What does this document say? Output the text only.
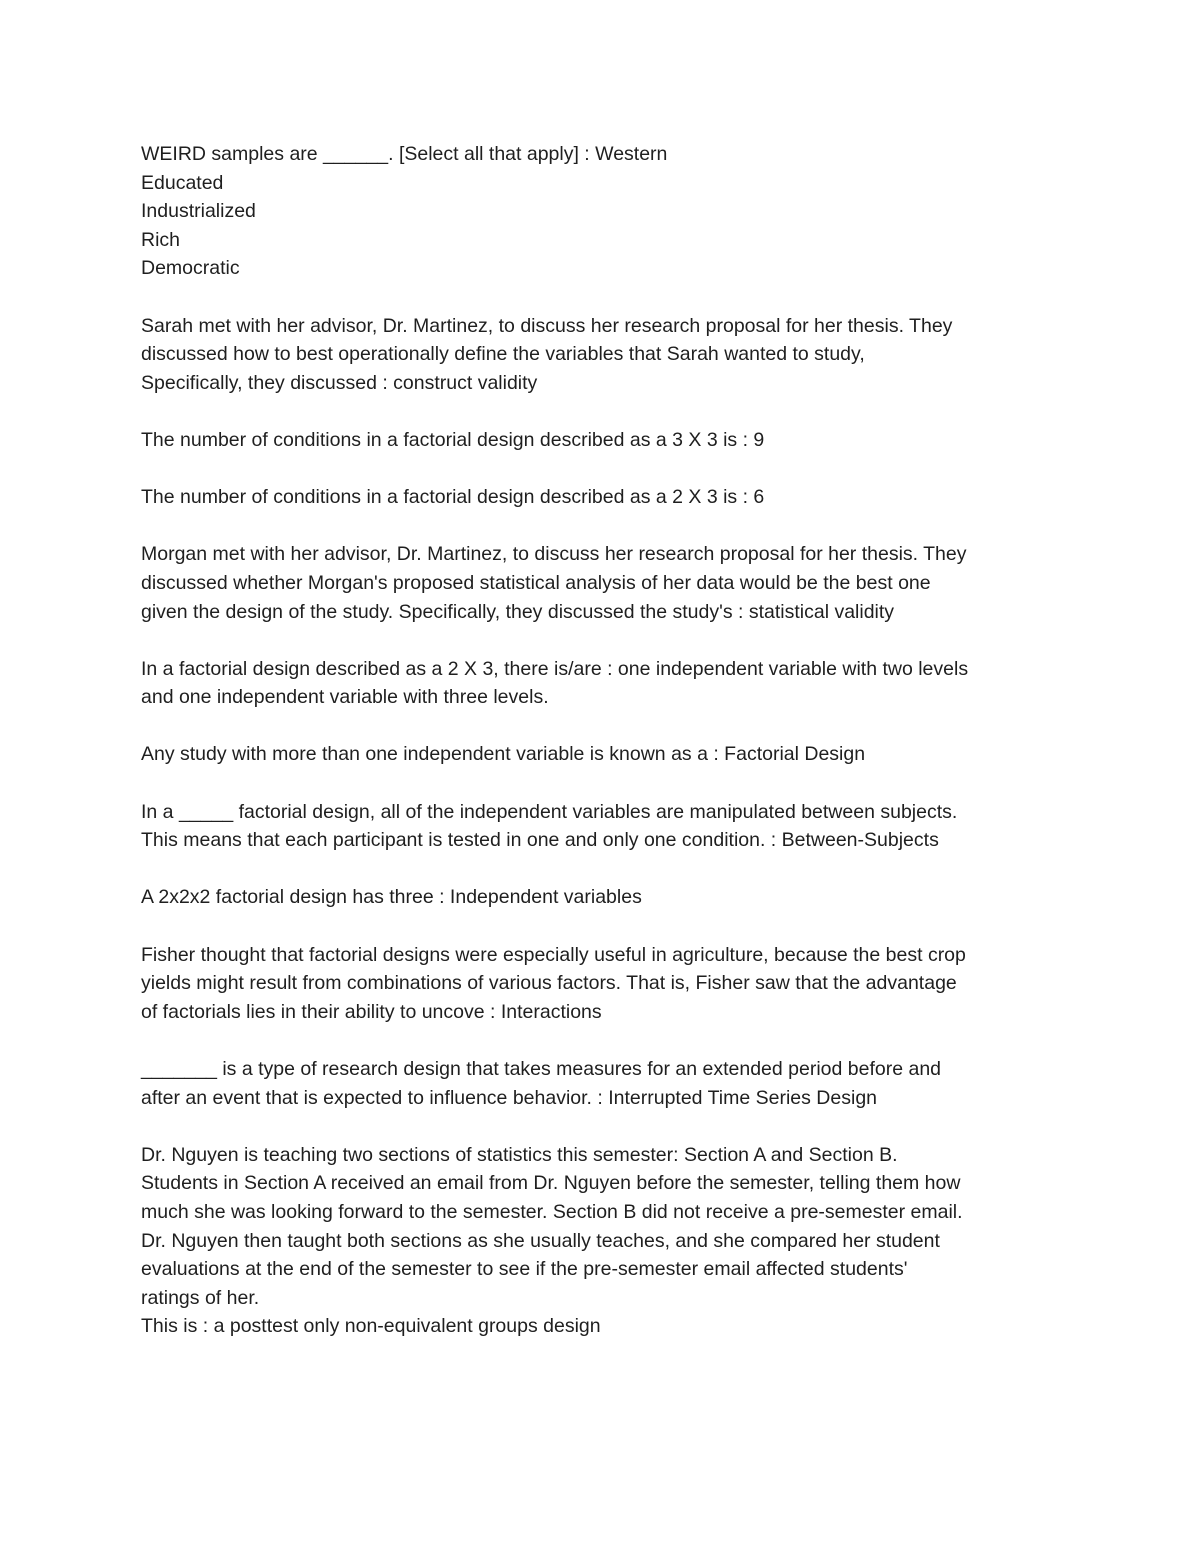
WEIRD samples are ______. [Select all that apply] : Western
Educated
Industrialized
Rich
Democratic
Sarah met with her advisor, Dr. Martinez, to discuss her research proposal for her thesis. They
discussed how to best operationally define the variables that Sarah wanted to study,
Specifically, they discussed : construct validity
The number of conditions in a factorial design described as a 3 X 3 is : 9
The number of conditions in a factorial design described as a 2 X 3 is : 6
Morgan met with her advisor, Dr. Martinez, to discuss her research proposal for her thesis. They
discussed whether Morgan's proposed statistical analysis of her data would be the best one
given the design of the study. Specifically, they discussed the study's : statistical validity
In a factorial design described as a 2 X 3, there is/are : one independent variable with two levels
and one independent variable with three levels.
Any study with more than one independent variable is known as a : Factorial Design
In a _____ factorial design, all of the independent variables are manipulated between subjects.
This means that each participant is tested in one and only one condition. : Between-Subjects
A 2x2x2 factorial design has three : Independent variables
Fisher thought that factorial designs were especially useful in agriculture, because the best crop
yields might result from combinations of various factors. That is, Fisher saw that the advantage
of factorials lies in their ability to uncove : Interactions
_______ is a type of research design that takes measures for an extended period before and
after an event that is expected to influence behavior. : Interrupted Time Series Design
Dr. Nguyen is teaching two sections of statistics this semester: Section A and Section B.
Students in Section A received an email from Dr. Nguyen before the semester, telling them how
much she was looking forward to the semester. Section B did not receive a pre-semester email.
Dr. Nguyen then taught both sections as she usually teaches, and she compared her student
evaluations at the end of the semester to see if the pre-semester email affected students'
ratings of her.
This is : a posttest only non-equivalent groups design
